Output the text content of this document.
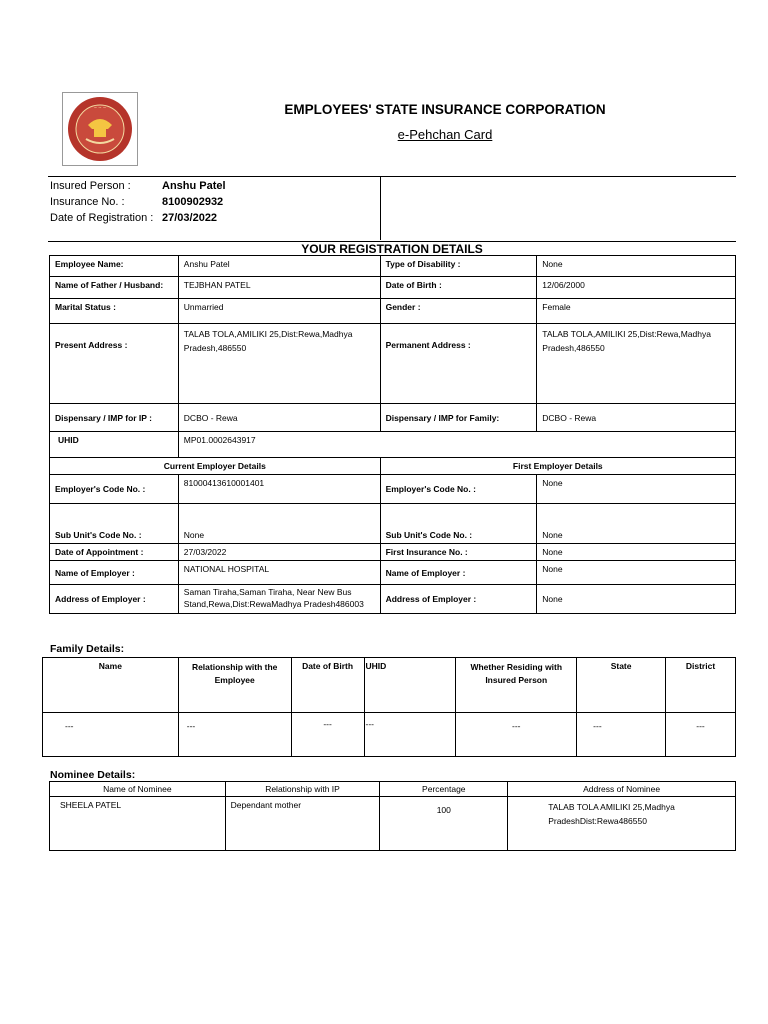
~ ~ ~	EMPLOYEES' STATE INSURANCE CORPORATION
e-Pehchan Card
Insured Person :	Anshu Patel
Insurance No. :	8100902932
Date of Registration : 27/03/2022
YOUR REGISTRATION DETAILS
Employee Name:	Anshu Patel	Type of Disability :	None
Name of Father / Husband:	TEJBHAN PATEL	Date of Birth :	12/06/2000
Marital Status :	Unmarried	Gender :	Female
Present Address :	TALAB TOLA,AMILIKI 25,Dist:Rewa,Madhya Pradesh,486550	Permanent Address :	TALAB TOLA,AMILIKI 25,Dist:Rewa,Madhya Pradesh,486550
Dispensary / IMP for IP :	DCBO - Rewa	Dispensary / IMP for Family:	DCBO - Rewa
UHID	MP01.0002643917		
Current Employer Details		First Employer Details	
Employer's Code No. :	81000413610001401	Employer's Code No. :	None
Sub Unit's Code No. :	None	Sub Unit's Code No. :	None
Date of Appointment :	27/03/2022	First Insurance No. :	None
Name of Employer :	NATIONAL HOSPITAL	Name of Employer :	None
Address of Employer :	Saman Tiraha,Saman Tiraha, Near New Bus Stand,Rewa,Dist:RewaMadhya Pradesh486003	Address of Employer :	None
Family Details:
Name	Relationship with the Employee	Date of Birth	UHID	Whether Residing with Insured Person	State	District
---	---	---	---	---	---	---
Nominee Details:
Name of Nominee	Relationship with IP	Percentage	Address of Nominee
SHEELA PATEL	Dependant mother	100	TALAB TOLA AMILIKI 25,Madhya PradeshDist:Rewa486550
